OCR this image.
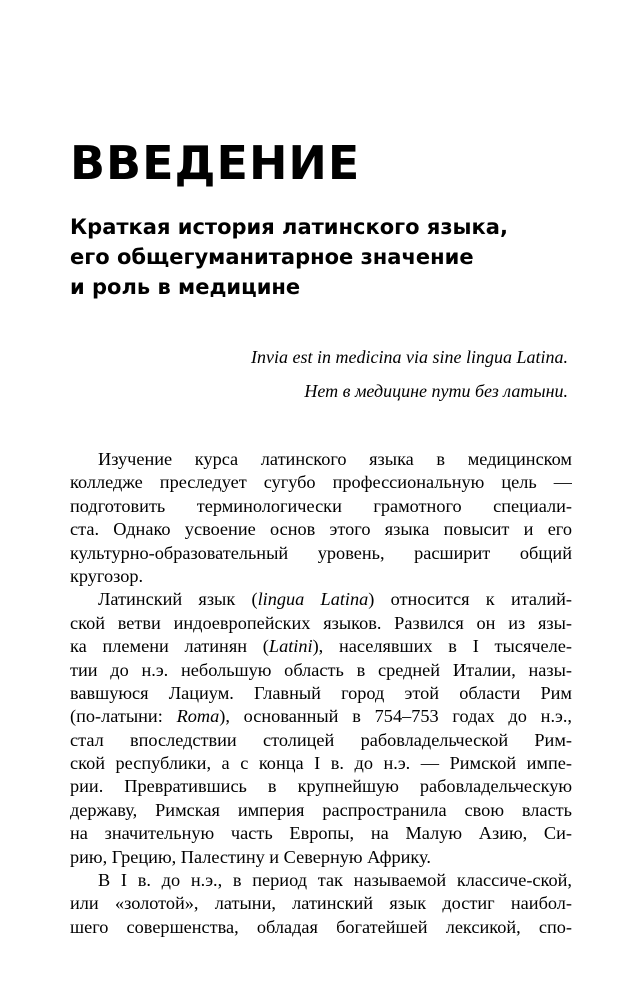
ВВЕДЕНИЕ
Краткая история латинского языка,
его общегуманитарное значение
и роль в медицине
Invia est in medicina via sine lingua Latina.
Нет в медицине пути без латыни.
Изучение курса латинского языка в медицинском
колледже преследует сугубо профессиональную цель —
подготовить терминологически грамотного специали-
ста. Однако усвоение основ этого языка повысит и его
культурно-образовательный уровень, расширит общий
кругозор.
Латинский язык (lingua Latina) относится к италий-
ской ветви индоевропейских языков. Развился он из язы-
ка племени латинян (Latini), населявших в I тысячеле-
тии до н.э. небольшую область в средней Италии, назы-
вавшуюся Лациум. Главный город этой области Рим
(по-латыни: Roma), основанный в 754–753 годах до н.э.,
стал впоследствии столицей рабовладельческой Рим-
ской республики, а с конца I в. до н.э. — Римской импе-
рии. Превратившись в крупнейшую рабовладельческую
державу, Римская империя распространила свою власть
на значительную часть Европы, на Малую Азию, Си-
рию, Грецию, Палестину и Северную Африку.
В I в. до н.э., в период так называемой классиче-ской,
или «золотой», латыни, латинский язык достиг наибол-
шего совершенства, обладая богатейшей лексикой, спо-
